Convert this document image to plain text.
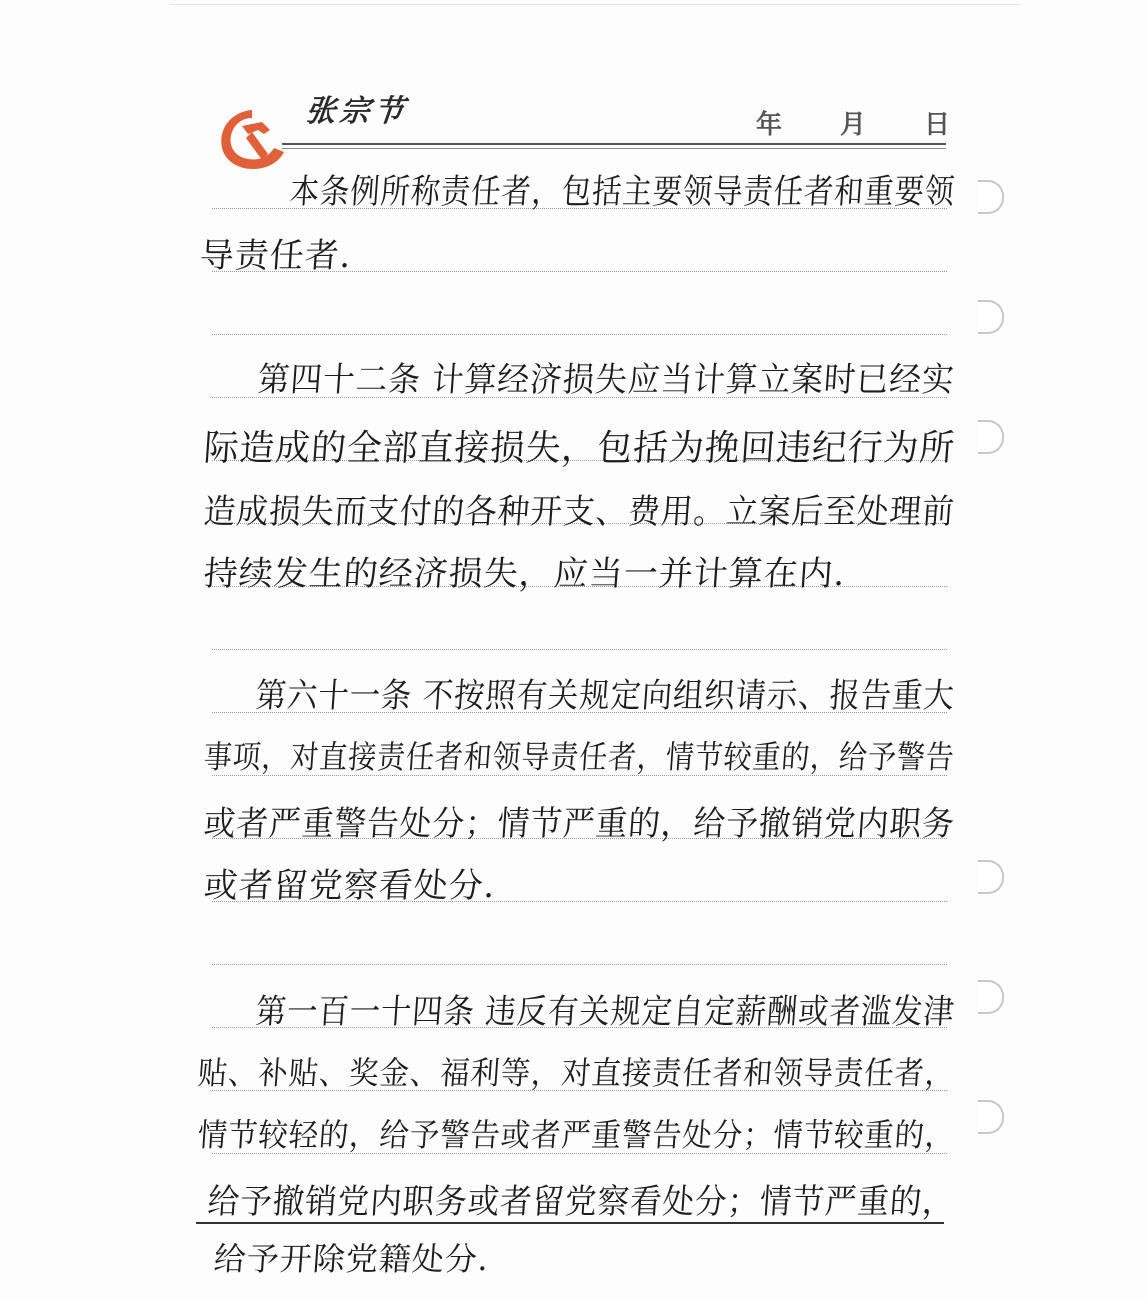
张宗节	年 月 日
本条例所称责任者，包括主要领导责任者和重要领
导责任者.
第四十二条 计算经济损失应当计算立案时已经实
际造成的全部直接损失，包括为挽回违纪行为所
造成损失而支付的各种开支、费用。立案后至处理前
持续发生的经济损失，应当一并计算在内.
第六十一条 不按照有关规定向组织请示、报告重大
事项，对直接责任者和领导责任者，情节较重的，给予警告
或者严重警告处分；情节严重的，给予撤销党内职务
或者留党察看处分.
第一百一十四条 违反有关规定自定薪酬或者滥发津
贴、补贴、奖金、福利等，对直接责任者和领导责任者，
情节较轻的，给予警告或者严重警告处分；情节较重的，
给予撤销党内职务或者留党察看处分；情节严重的，
给予开除党籍处分.
